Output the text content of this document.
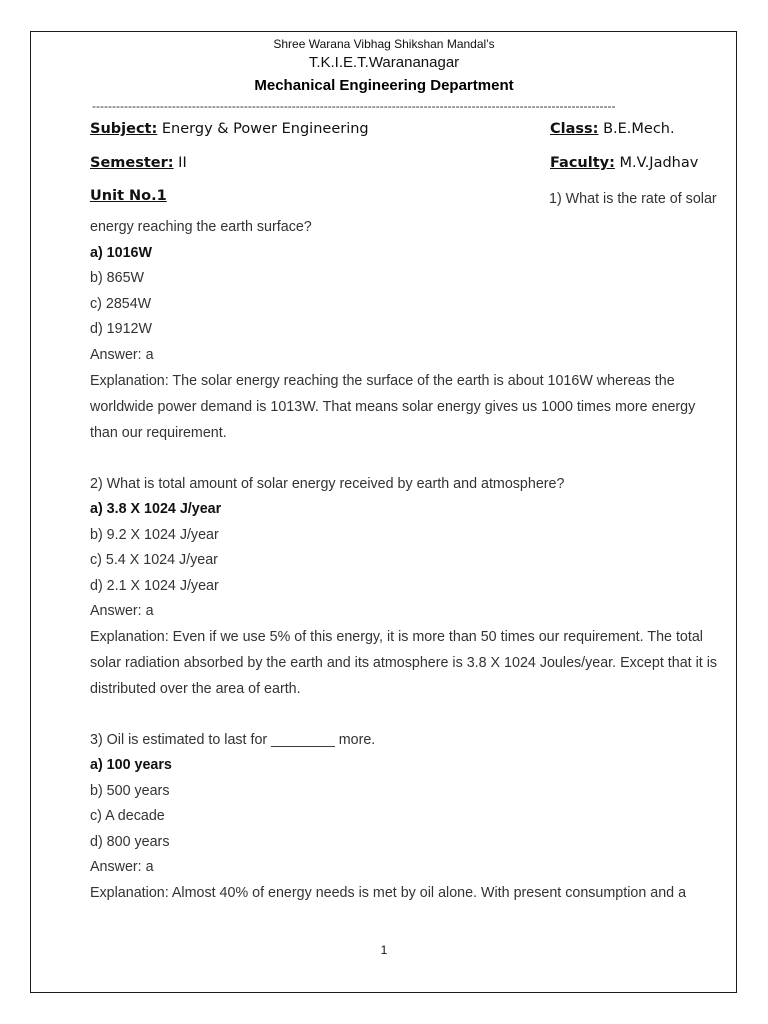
Shree Warana Vibhag Shikshan Mandal’s
T.K.I.E.T.Warananagar
Mechanical Engineering Department
-----------------------------------------------------------------------------------------------------------------------------------
Subject: Energy & Power Engineering	Class: B.E.Mech.
Semester: II	Faculty: M.V.Jadhav
Unit No.1	1) What is the rate of solar
energy reaching the earth surface?
a) 1016W
b) 865W
c) 2854W
d) 1912W
Answer: a
Explanation: The solar energy reaching the surface of the earth is about 1016W whereas the
worldwide power demand is 1013W. That means solar energy gives us 1000 times more energy
than our requirement.
2) What is total amount of solar energy received by earth and atmosphere?
a) 3.8 X 1024 J/year
b) 9.2 X 1024 J/year
c) 5.4 X 1024 J/year
d) 2.1 X 1024 J/year
Answer: a
Explanation: Even if we use 5% of this energy, it is more than 50 times our requirement. The total
solar radiation absorbed by the earth and its atmosphere is 3.8 X 1024 Joules/year. Except that it is
distributed over the area of earth.
3) Oil is estimated to last for ________ more.
a) 100 years
b) 500 years
c) A decade
d) 800 years
Answer: a
Explanation: Almost 40% of energy needs is met by oil alone. With present consumption and a
1
